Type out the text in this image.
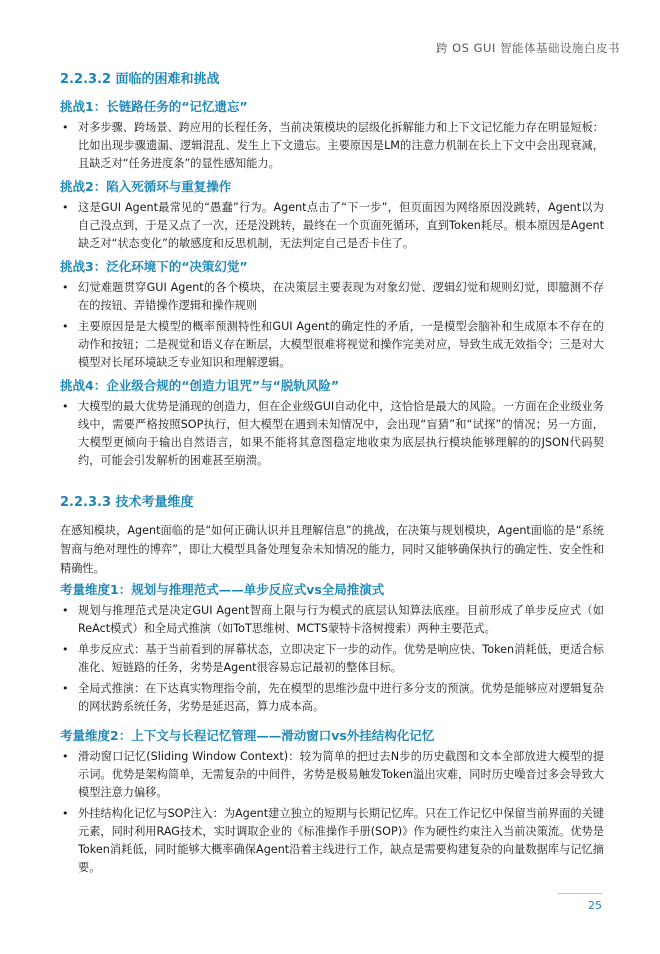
跨 OS GUI 智能体基础设施白皮书
2.2.3.2 面临的困难和挑战
挑战1：长链路任务的“记忆遗忘”
• 对多步骤、跨场景、跨应用的长程任务，当前决策模块的层级化拆解能力和上下文记忆能力存在明显短板：比如出现步骤遗漏、逻辑混乱、发生上下文遗忘。主要原因是LM的注意力机制在长上下文中会出现衰减，且缺乏对“任务进度条”的显性感知能力。
挑战2：陷入死循环与重复操作
• 这是GUI Agent最常见的“愚蠢”行为。Agent点击了“下一步”，但页面因为网络原因没跳转，Agent以为自己没点到，于是又点了一次，还是没跳转，最终在一个页面死循环，直到Token耗尽。根本原因是Agent缺乏对“状态变化”的敏感度和反思机制，无法判定自己是否卡住了。
挑战3：泛化环境下的“决策幻觉”
• 幻觉难题贯穿GUI Agent的各个模块，在决策层主要表现为对象幻觉、逻辑幻觉和规则幻觉，即臆测不存在的按钮、弄错操作逻辑和操作规则
• 主要原因是是大模型的概率预测特性和GUI Agent的确定性的矛盾，一是模型会脑补和生成原本不存在的动作和按钮；二是视觉和语义存在断层，大模型很难将视觉和操作完美对应，导致生成无效指令；三是对大模型对长尾环境缺乏专业知识和理解逻辑。
挑战4：企业级合规的“创造力诅咒”与“脱轨风险”
• 大模型的最大优势是涌现的创造力，但在企业级GUI自动化中，这恰恰是最大的风险。一方面在企业级业务线中，需要严格按照SOP执行，但大模型在遇到未知情况中，会出现“盲猜”和“试探”的情况；另一方面，大模型更倾向于输出自然语言，如果不能将其意图稳定地收束为底层执行模块能够理解的的JSON代码契约，可能会引发解析的困难甚至崩溃。
2.2.3.3 技术考量维度

在感知模块，Agent面临的是“如何正确认识并且理解信息”的挑战，在决策与规划模块，Agent面临的是“系统智商与绝对理性的博弈”，即让大模型具备处理复杂未知情况的能力，同时又能够确保执行的确定性、安全性和精确性。

考量维度1：规划与推理范式——单步反应式vs全局推演式
• 规划与推理范式是决定GUI Agent智商上限与行为模式的底层认知算法底座。目前形成了单步反应式（如ReAct模式）和全局式推演（如ToT思维树、MCTS蒙特卡洛树搜索）两种主要范式。
• 单步反应式：基于当前看到的屏幕状态，立即决定下一步的动作。优势是响应快、Token消耗低，更适合标准化、短链路的任务，劣势是Agent很容易忘记最初的整体目标。
• 全局式推演：在下达真实物理指令前，先在模型的思维沙盘中进行多分支的预演。优势是能够应对逻辑复杂的网状跨系统任务，劣势是延迟高，算力成本高。
考量维度2：上下文与长程记忆管理——滑动窗口vs外挂结构化记忆
• 滑动窗口记忆(Sliding Window Context)：较为简单的把过去N步的历史截图和文本全部放进大模型的提示词。优势是架构简单，无需复杂的中间件，劣势是极易触发Token溢出灾难，同时历史噪音过多会导致大模型注意力偏移。
• 外挂结构化记忆与SOP注入：为Agent建立独立的短期与长期记忆库。只在工作记忆中保留当前界面的关键元素，同时利用RAG技术，实时调取企业的《标准操作手册(SOP)》作为硬性约束注入当前决策流。优势是Token消耗低，同时能够大概率确保Agent沿着主线进行工作，缺点是需要构建复杂的向量数据库与记忆摘要。
25
